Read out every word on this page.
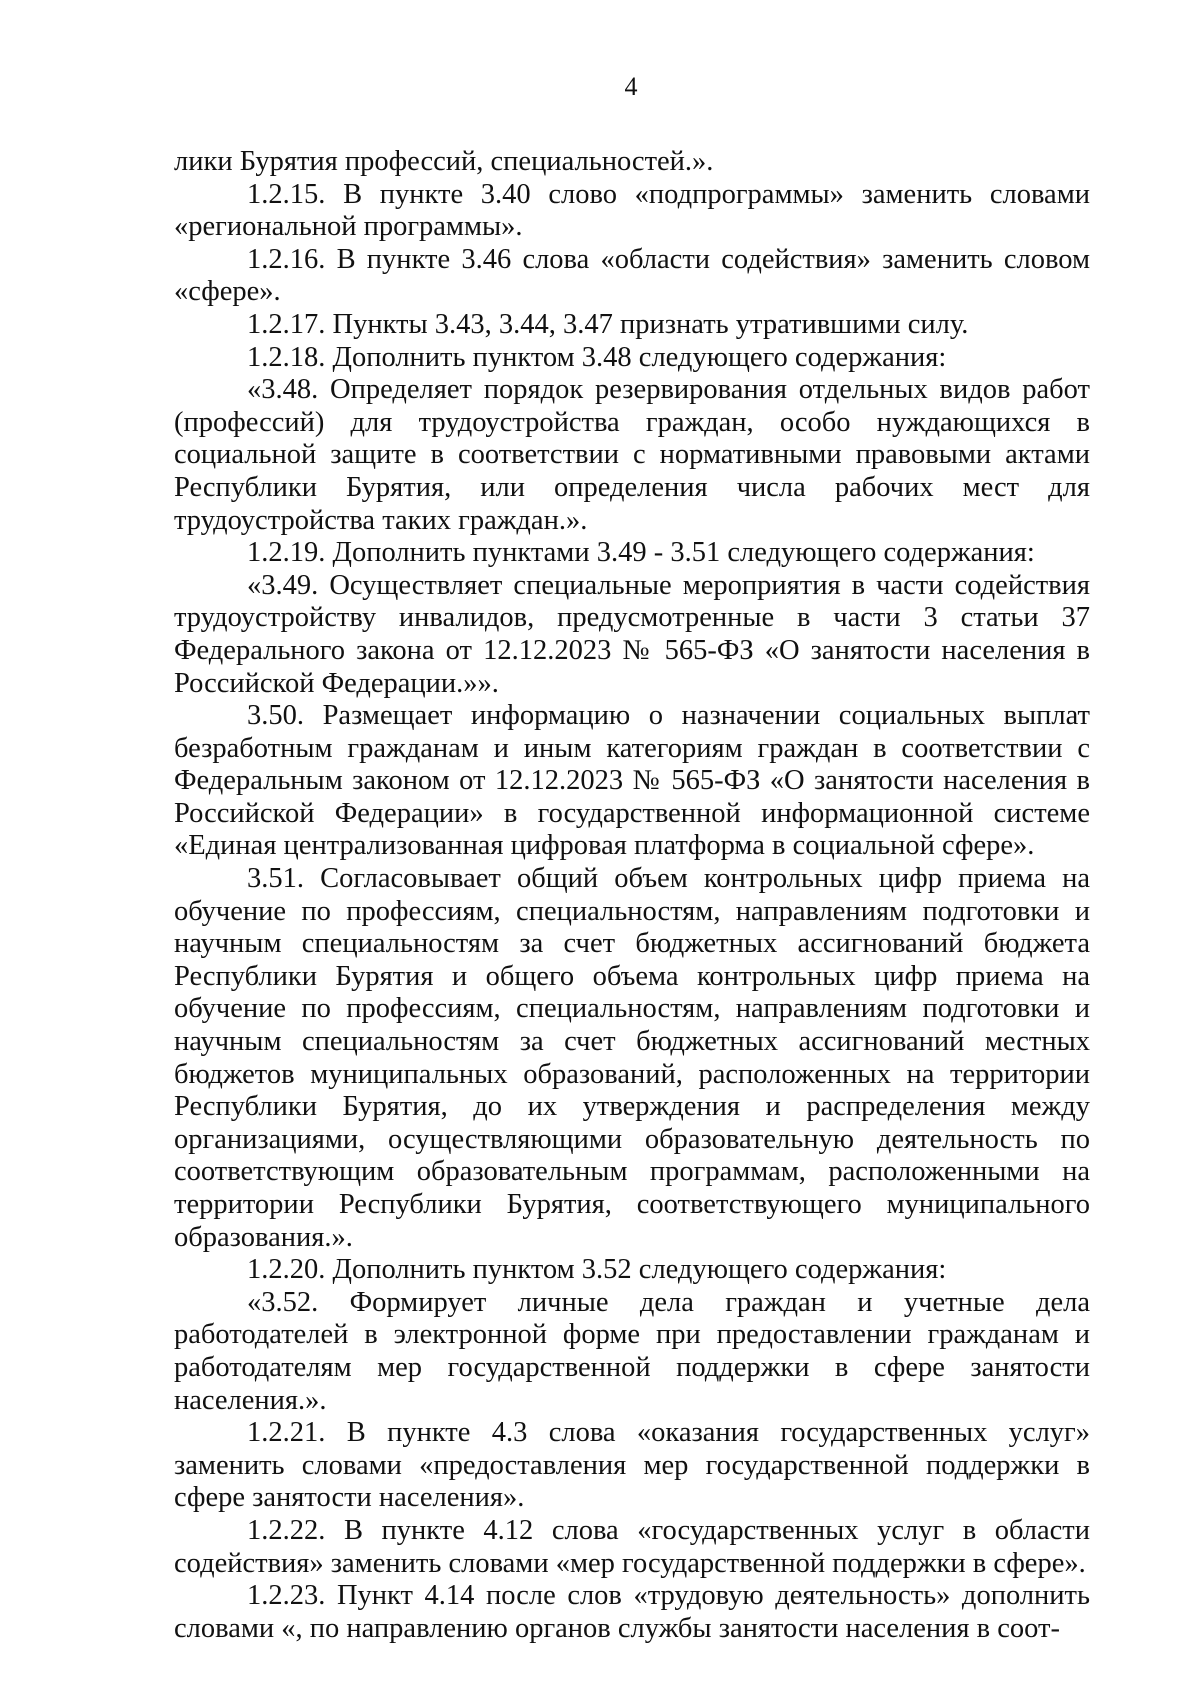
4

лики Бурятия профессий, специальностей.».

1.2.15. В пункте 3.40 слово «подпрограммы» заменить словами «региональной программы».

1.2.16. В пункте 3.46 слова «области содействия» заменить словом «сфере».

1.2.17. Пункты 3.43, 3.44, 3.47 признать утратившими силу.

1.2.18. Дополнить пунктом 3.48 следующего содержания:

«3.48. Определяет порядок резервирования отдельных видов работ (профессий) для трудоустройства граждан, особо нуждающихся в социальной защите в соответствии с нормативными правовыми актами Республики Бурятия, или определения числа рабочих мест для трудоустройства таких граждан.».

1.2.19. Дополнить пунктами 3.49 - 3.51 следующего содержания:

«3.49. Осуществляет специальные мероприятия в части содействия трудоустройству инвалидов, предусмотренные в части 3 статьи 37 Федерального закона от 12.12.2023 № 565-ФЗ «О занятости населения в Российской Федерации.»».

3.50. Размещает информацию о назначении социальных выплат безработным гражданам и иным категориям граждан в соответствии с Федеральным законом от 12.12.2023 № 565-ФЗ «О занятости населения в Российской Федерации» в государственной информационной системе «Единая централизованная цифровая платформа в социальной сфере».

3.51. Согласовывает общий объем контрольных цифр приема на обучение по профессиям, специальностям, направлениям подготовки и научным специальностям за счет бюджетных ассигнований бюджета Республики Бурятия и общего объема контрольных цифр приема на обучение по профессиям, специальностям, направлениям подготовки и научным специальностям за счет бюджетных ассигнований местных бюджетов муниципальных образований, расположенных на территории Республики Бурятия, до их утверждения и распределения между организациями, осуществляющими образовательную деятельность по соответствующим образовательным программам, расположенными на территории Республики Бурятия, соответствующего муниципального образования.».

1.2.20. Дополнить пунктом 3.52 следующего содержания:

«3.52. Формирует личные дела граждан и учетные дела работодателей в электронной форме при предоставлении гражданам и работодателям мер государственной поддержки в сфере занятости населения.».

1.2.21. В пункте 4.3 слова «оказания государственных услуг» заменить словами «предоставления мер государственной поддержки в сфере занятости населения».

1.2.22. В пункте 4.12 слова «государственных услуг в области содействия» заменить словами «мер государственной поддержки в сфере».

1.2.23. Пункт 4.14 после слов «трудовую деятельность» дополнить словами «, по направлению органов службы занятости населения в соот-
